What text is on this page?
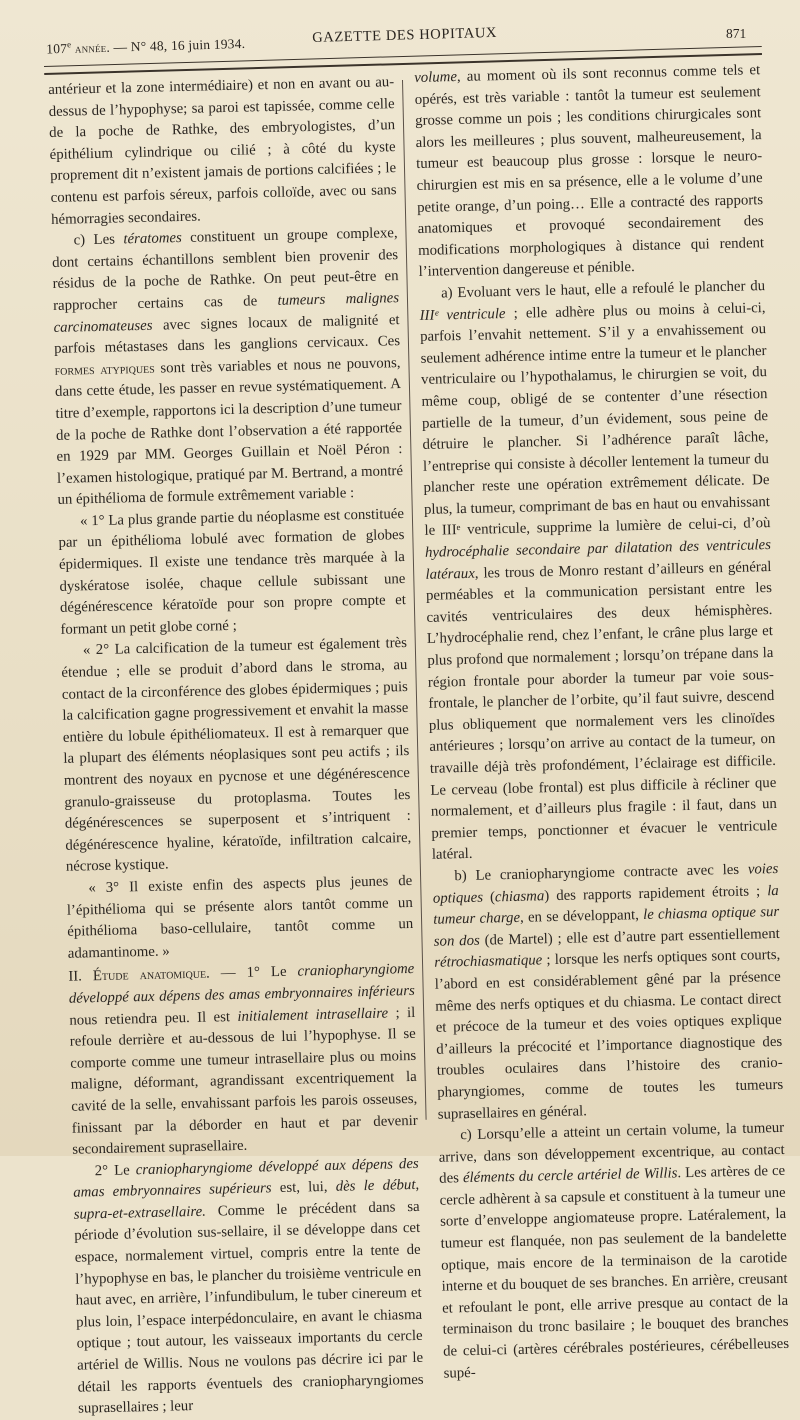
107e année. — N° 48, 16 juin 1934.	GAZETTE DES HOPITAUX	871

antérieur et la zone intermédiaire) et non en avant ou au-dessus de l’hypophyse; sa paroi est tapissée, comme celle de la poche de Rathke, des embryologistes, d’un épithélium cylindrique ou cilié ; à côté du kyste proprement dit n’existent jamais de portions calcifiées ; le contenu est parfois séreux, parfois colloïde, avec ou sans hémorragies secondaires.

c) Les tératomes constituent un groupe complexe, dont certains échantillons semblent bien provenir des résidus de la poche de Rathke. On peut peut-être en rapprocher certains cas de tumeurs malignes carcinomateuses avec signes locaux de malignité et parfois métastases dans les ganglions cervicaux. Ces formes atypiques sont très variables et nous ne pouvons, dans cette étude, les passer en revue systématiquement. A titre d’exemple, rapportons ici la description d’une tumeur de la poche de Rathke dont l’observation a été rapportée en 1929 par MM. Georges Guillain et Noël Péron : l’examen histologique, pratiqué par M. Bertrand, a montré un épithélioma de formule extrêmement variable :

« 1° La plus grande partie du néoplasme est constituée par un épithélioma lobulé avec formation de globes épidermiques. Il existe une tendance très marquée à la dyskératose isolée, chaque cellule subissant une dégénérescence kératoïde pour son propre compte et formant un petit globe corné ;

« 2° La calcification de la tumeur est également très étendue ; elle se produit d’abord dans le stroma, au contact de la circonférence des globes épidermiques ; puis la calcification gagne progressivement et envahit la masse entière du lobule épithéliomateux. Il est à remarquer que la plupart des éléments néoplasiques sont peu actifs ; ils montrent des noyaux en pycnose et une dégénérescence granulo-graisseuse du protoplasma. Toutes les dégénérescences se superposent et s’intriquent : dégénérescence hyaline, kératoïde, infiltration calcaire, nécrose kystique.

« 3° Il existe enfin des aspects plus jeunes de l’épithélioma qui se présente alors tantôt comme un épithélioma baso-cellulaire, tantôt comme un adamantinome. »

II. Étude anatomique. — 1° Le craniopharyngiome développé aux dépens des amas embryonnaires inférieurs nous retiendra peu. Il est initialement intrasellaire ; il refoule derrière et au-dessous de lui l’hypophyse. Il se comporte comme une tumeur intrasellaire plus ou moins maligne, déformant, agrandissant excentriquement la cavité de la selle, envahissant parfois les parois osseuses, finissant par la déborder en haut et par devenir secondairement suprasellaire.

2° Le craniopharyngiome développé aux dépens des amas embryonnaires supérieurs est, lui, dès le début, supra-et-extrasellaire. Comme le précédent dans sa période d’évolution sus-sellaire, il se développe dans cet espace, normalement virtuel, compris entre la tente de l’hypophyse en bas, le plancher du troisième ventricule en haut avec, en arrière, l’infundibulum, le tuber cinereum et plus loin, l’espace interpédonculaire, en avant le chiasma optique ; tout autour, les vaisseaux importants du cercle artériel de Willis. Nous ne voulons pas décrire ici par le détail les rapports éventuels des craniopharyngiomes suprasellaires ; leur

volume, au moment où ils sont reconnus comme tels et opérés, est très variable : tantôt la tumeur est seulement grosse comme un pois ; les conditions chirurgicales sont alors les meilleures ; plus souvent, malheureusement, la tumeur est beaucoup plus grosse : lorsque le neuro-chirurgien est mis en sa présence, elle a le volume d’une petite orange, d’un poing… Elle a contracté des rapports anatomiques et provoqué secondairement des modifications morphologiques à distance qui rendent l’intervention dangereuse et pénible.

a) Evoluant vers le haut, elle a refoulé le plancher du IIIᵉ ventricule ; elle adhère plus ou moins à celui-ci, parfois l’envahit nettement. S’il y a envahissement ou seulement adhérence intime entre la tumeur et le plancher ventriculaire ou l’hypothalamus, le chirurgien se voit, du même coup, obligé de se contenter d’une résection partielle de la tumeur, d’un évidement, sous peine de détruire le plancher. Si l’adhérence paraît lâche, l’entreprise qui consiste à décoller lentement la tumeur du plancher reste une opération extrêmement délicate. De plus, la tumeur, comprimant de bas en haut ou envahissant le IIIᵉ ventricule, supprime la lumière de celui-ci, d’où hydrocéphalie secondaire par dilatation des ventricules latéraux, les trous de Monro restant d’ailleurs en général perméables et la communication persistant entre les cavités ventriculaires des deux hémisphères. L’hydrocéphalie rend, chez l’enfant, le crâne plus large et plus profond que normalement ; lorsqu’on trépane dans la région frontale pour aborder la tumeur par voie sous-frontale, le plancher de l’orbite, qu’il faut suivre, descend plus obliquement que normalement vers les clinoïdes antérieures ; lorsqu’on arrive au contact de la tumeur, on travaille déjà très profondément, l’éclairage est difficile. Le cerveau (lobe frontal) est plus difficile à récliner que normalement, et d’ailleurs plus fragile : il faut, dans un premier temps, ponctionner et évacuer le ventricule latéral.

b) Le craniopharyngiome contracte avec les voies optiques (chiasma) des rapports rapidement étroits ; la tumeur charge, en se développant, le chiasma optique sur son dos (de Martel) ; elle est d’autre part essentiellement rétrochiasmatique ; lorsque les nerfs optiques sont courts, l’abord en est considérablement gêné par la présence même des nerfs optiques et du chiasma. Le contact direct et précoce de la tumeur et des voies optiques explique d’ailleurs la précocité et l’importance diagnostique des troubles oculaires dans l’histoire des cranio-pharyngiomes, comme de toutes les tumeurs suprasellaires en général.

c) Lorsqu’elle a atteint un certain volume, la tumeur arrive, dans son développement excentrique, au contact des éléments du cercle artériel de Willis. Les artères de ce cercle adhèrent à sa capsule et constituent à la tumeur une sorte d’enveloppe angiomateuse propre. Latéralement, la tumeur est flanquée, non pas seulement de la bandelette optique, mais encore de la terminaison de la carotide interne et du bouquet de ses branches. En arrière, creusant et refoulant le pont, elle arrive presque au contact de la terminaison du tronc basilaire ; le bouquet des branches de celui-ci (artères cérébrales postérieures, cérébelleuses supé-
